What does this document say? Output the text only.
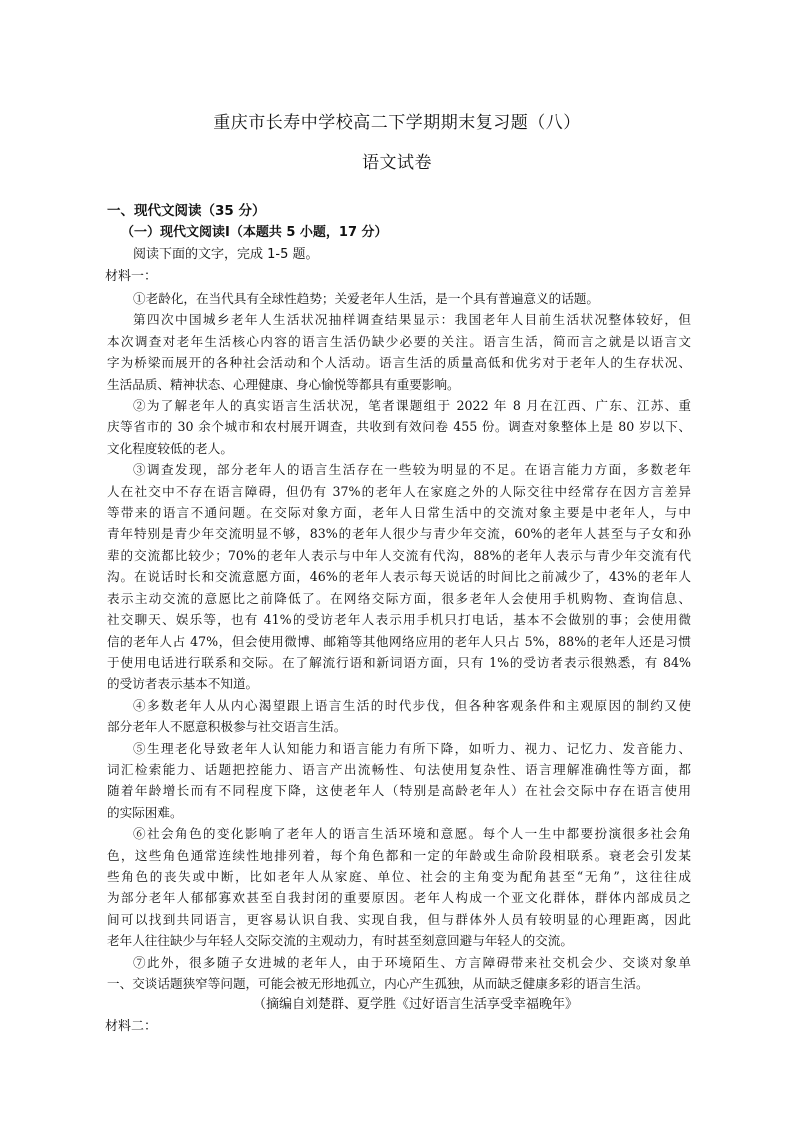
重庆市长寿中学校高二下学期期末复习题（八）
语文试卷
一、现代文阅读（35 分）
（一）现代文阅读Ⅰ（本题共 5 小题，17 分）
阅读下面的文字，完成 1-5 题。
材料一：
①老龄化，在当代具有全球性趋势；关爱老年人生活，是一个具有普遍意义的话题。
第四次中国城乡老年人生活状况抽样调查结果显示：我国老年人目前生活状况整体较好，但
本次调查对老年生活核心内容的语言生活仍缺少必要的关注。语言生活，简而言之就是以语言文
字为桥梁而展开的各种社会活动和个人活动。语言生活的质量高低和优劣对于老年人的生存状况、
生活品质、精神状态、心理健康、身心愉悦等都具有重要影响。
②为了解老年人的真实语言生活状况，笔者课题组于 2022 年 8 月在江西、广东、江苏、重
庆等省市的 30 余个城市和农村展开调查，共收到有效问卷 455 份。调查对象整体上是 80 岁以下、
文化程度较低的老人。
③调查发现，部分老年人的语言生活存在一些较为明显的不足。在语言能力方面，多数老年
人在社交中不存在语言障碍，但仍有 37%的老年人在家庭之外的人际交往中经常存在因方言差异
等带来的语言不通问题。在交际对象方面，老年人日常生活中的交流对象主要是中老年人，与中
青年特别是青少年交流明显不够，83%的老年人很少与青少年交流，60%的老年人甚至与子女和孙
辈的交流都比较少；70%的老年人表示与中年人交流有代沟，88%的老年人表示与青少年交流有代
沟。在说话时长和交流意愿方面，46%的老年人表示每天说话的时间比之前减少了，43%的老年人
表示主动交流的意愿比之前降低了。在网络交际方面，很多老年人会使用手机购物、查询信息、
社交聊天、娱乐等，也有 41%的受访老年人表示用手机只打电话，基本不会做别的事；会使用微
信的老年人占 47%，但会使用微博、邮箱等其他网络应用的老年人只占 5%，88%的老年人还是习惯
于使用电话进行联系和交际。在了解流行语和新词语方面，只有 1%的受访者表示很熟悉，有 84%
的受访者表示基本不知道。
④多数老年人从内心渴望跟上语言生活的时代步伐，但各种客观条件和主观原因的制约又使
部分老年人不愿意积极参与社交语言生活。
⑤生理老化导致老年人认知能力和语言能力有所下降，如听力、视力、记忆力、发音能力、
词汇检索能力、话题把控能力、语言产出流畅性、句法使用复杂性、语言理解准确性等方面，都
随着年龄增长而有不同程度下降，这使老年人（特别是高龄老年人）在社会交际中存在语言使用
的实际困难。
⑥社会角色的变化影响了老年人的语言生活环境和意愿。每个人一生中都要扮演很多社会角
色，这些角色通常连续性地排列着，每个角色都和一定的年龄或生命阶段相联系。衰老会引发某
些角色的丧失或中断，比如老年人从家庭、单位、社会的主角变为配角甚至“无角”，这往往成
为部分老年人郁郁寡欢甚至自我封闭的重要原因。老年人构成一个亚文化群体，群体内部成员之
间可以找到共同语言，更容易认识自我、实现自我，但与群体外人员有较明显的心理距离，因此
老年人往往缺少与年轻人交际交流的主观动力，有时甚至刻意回避与年轻人的交流。
⑦此外，很多随子女进城的老年人，由于环境陌生、方言障碍带来社交机会少、交谈对象单
一、交谈话题狭窄等问题，可能会被无形地孤立，内心产生孤独，从而缺乏健康多彩的语言生活。
（摘编自刘楚群、夏学胜《过好语言生活享受幸福晚年》
材料二：
